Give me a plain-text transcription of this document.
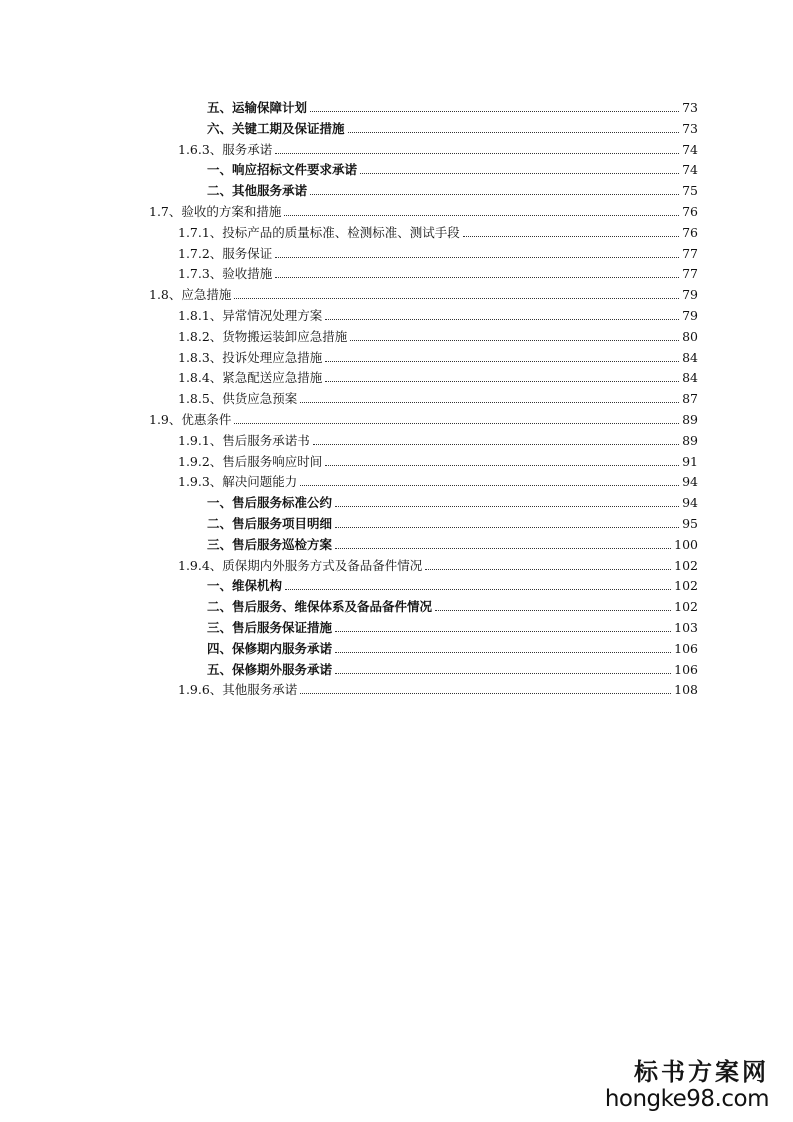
五、运输保障计划	73
六、关键工期及保证措施	73
1.6.3、服务承诺	74
一、响应招标文件要求承诺	74
二、其他服务承诺	75
1.7、验收的方案和措施	76
1.7.1、投标产品的质量标准、检测标准、测试手段	76
1.7.2、服务保证	77
1.7.3、验收措施	77
1.8、应急措施	79
1.8.1、异常情况处理方案	79
1.8.2、货物搬运装卸应急措施	80
1.8.3、投诉处理应急措施	84
1.8.4、紧急配送应急措施	84
1.8.5、供货应急预案	87
1.9、优惠条件	89
1.9.1、售后服务承诺书	89
1.9.2、售后服务响应时间	91
1.9.3、解决问题能力	94
一、售后服务标准公约	94
二、售后服务项目明细	95
三、售后服务巡检方案	100
1.9.4、质保期内外服务方式及备品备件情况	102
一、维保机构	102
二、售后服务、维保体系及备品备件情况	102
三、售后服务保证措施	103
四、保修期内服务承诺	106
五、保修期外服务承诺	106
1.9.6、其他服务承诺	108
标书方案网
hongke98.com
